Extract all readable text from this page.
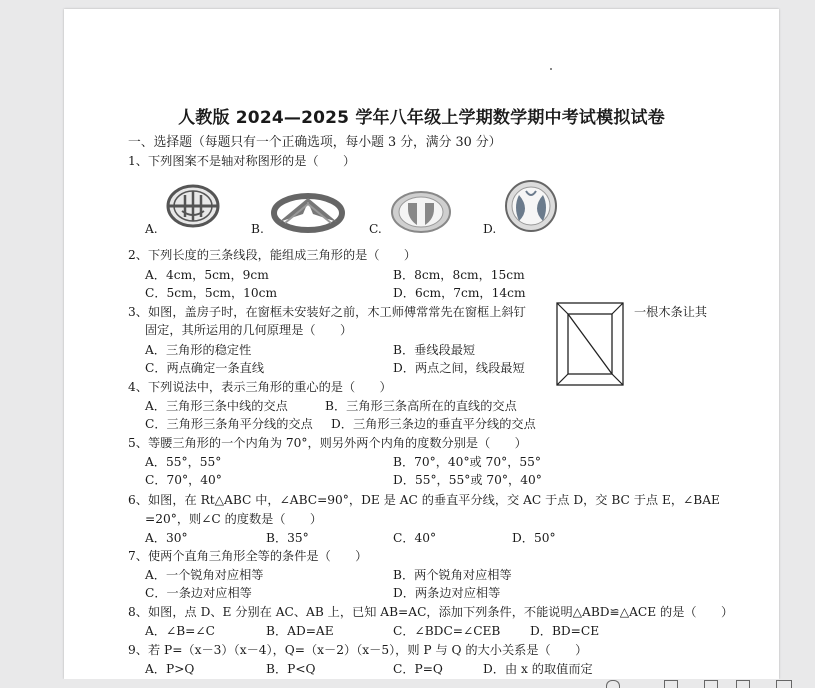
人教版 2024—2025 学年八年级上学期数学期中考试模拟试卷
一、选择题（每题只有一个正确选项，每小题 3 分，满分 30 分）
1、下列图案不是轴对称图形的是（　　）
A.	B.	C.	D.
2、下列长度的三条线段，能组成三角形的是（　　）
A．4cm，5cm，9cm	B．8cm，8cm，15cm
C．5cm，5cm，10cm	D．6cm，7cm，14cm
3、如图，盖房子时，在窗框未安装好之前，木工师傅常常先在窗框上斜钉	一根木条让其
固定，其所运用的几何原理是（　　）
A．三角形的稳定性	B．垂线段最短
C．两点确定一条直线	D．两点之间，线段最短
4、下列说法中，表示三角形的重心的是（　　）
A．三角形三条中线的交点	B．三角形三条高所在的直线的交点
C．三角形三条角平分线的交点 D．三角形三条边的垂直平分线的交点
5、等腰三角形的一个内角为 70°，则另外两个内角的度数分别是（　　）
A．55°，55°	B．70°，40°或 70°，55°
C．70°，40°	D．55°，55°或 70°，40°
6、如图，在 Rt△ABC 中，∠ABC=90°，DE 是 AC 的垂直平分线，交 AC 于点 D，交 BC 于点 E，∠BAE
=20°，则∠C 的度数是（　　）
A．30°	B．35°	C．40°	D．50°
7、使两个直角三角形全等的条件是（　　）
A．一个锐角对应相等	B．两个锐角对应相等
C．一条边对应相等	D．两条边对应相等
8、如图，点 D、E 分别在 AC、AB 上，已知 AB=AC，添加下列条件，不能说明△ABD≌△ACE 的是（　　）
A．∠B=∠C	B．AD=AE	C．∠BDC=∠CEB D．BD=CE
9、若 P=（x－3）（x－4），Q=（x－2）（x－5），则 P 与 Q 的大小关系是（　　）
A．P>Q	B．P<Q	C．P=Q	D．由 x 的取值而定
